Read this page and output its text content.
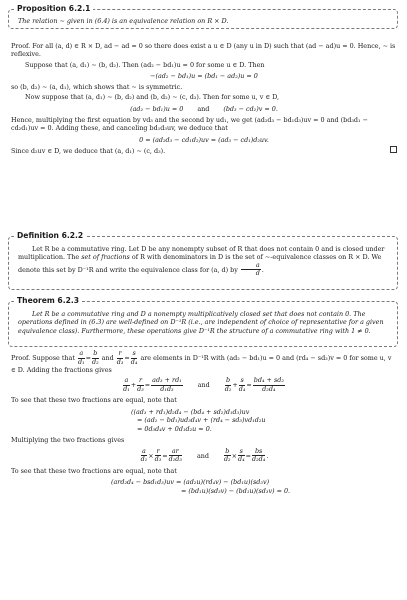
Proposition 6.2.1

The relation ∼ given in (6.4) is an equivalence relation on R × D.

Proof. For all (a, d) ∈ R × D, ad − ad = 0 so there does exist a u ∈ D (any u in D) such that (ad − ad)u = 0. Hence, ∼ is reflexive.

Suppose that (a, d₁) ∼ (b, d₂). Then (ad₂ − bd₁)u = 0 for some u ∈ D. Then

−(ad₂ − bd₁)u = (bd₁ − ad₂)u = 0

so (b, d₂) ∼ (a, d₁), which shows that ∼ is symmetric.

Now suppose that (a, d₁) ∼ (b, d₂) and (b, d₂) ∼ (c, d₃). Then for some u, v ∈ D,

(ad₂ − bd₁)u = 0	and	(bd₃ − cd₂)v = 0.

Hence, multiplying the first equation by vd₃ and the second by ud₁, we get (ad₂d₃ − bd₁d₃)uv = 0 and (bd₃d₁ − cd₂d₁)uv = 0. Adding these, and canceling bd₁d₃uv, we deduce that

0 = (ad₂d₃ − cd₁d₂)uv = (ad₃ − cd₁)d₂uv.

Since d₂uv ∈ D, we deduce that (a, d₁) ∼ (c, d₃).

Definition 6.2.2

Let R be a commutative ring. Let D be any nonempty subset of R that does not contain 0 and is closed under multiplication. The set of fractions of R with denominators in D is the set of ∼-equivalence classes on R × D. We denote this set by D⁻¹R and write the equivalence class for (a, d) by $\frac{a}{d}$ .

Theorem 6.2.3

Let R be a commutative ring and D a nonempty multiplicatively closed set that does not contain 0. The operations defined in (6.3) are well-defined on D⁻¹R (i.e., are independent of choice of representative for a given equivalence class). Furthermore, these operations give D⁻¹R the structure of a commutative ring with 1 ≠ 0.

Proof. Suppose that $\frac{a}{\text{d₁}} = \frac{b}{\text{d₂}}$ and $\frac{r}{\text{d₃}} = \frac{s}{\text{d₄}}$ are elements in D⁻¹R with (ad₂ − bd₁)u = 0 and (rd₄ − sd₃)v = 0 for some u, v ∈ D. Adding the fractions gives

$\frac{a}{\text{d₁}} + \frac{r}{\text{d₃}} = \frac{\text{ad₃ + rd₁}}{\text{d₁d₃}}$	and	$\frac{b}{\text{d₂}} + \frac{s}{\text{d₄}} = \frac{\text{bd₄ + sd₂}}{\text{d₂d₄}}$

To see that these two fractions are equal, note that

((ad₃ + rd₁)d₂d₄ − (bd₄ + sd₂)d₁d₃)uv
= (ad₂ − bd₁)ud₃d₄v + (rd₄ − sd₃)vd₁d₂u
= 0d₃d₄v + 0d₁d₂u = 0.

Multiplying the two fractions gives

$\frac{a}{\text{d₁}} \times \frac{r}{\text{d₃}} = \frac{ar}{\text{d₁d₃}}$	and	$\frac{b}{\text{d₂}} \times \frac{s}{\text{d₄}} = \frac{bs}{\text{d₂d₄}}$ .

To see that these two fractions are equal, note that

(ard₂d₄ − bsd₁d₃)uv = (ad₂u)(rd₄v) − (bd₁u)(sd₃v)
= (bd₁u)(sd₃v) − (bd₁u)(sd₃v) = 0.
